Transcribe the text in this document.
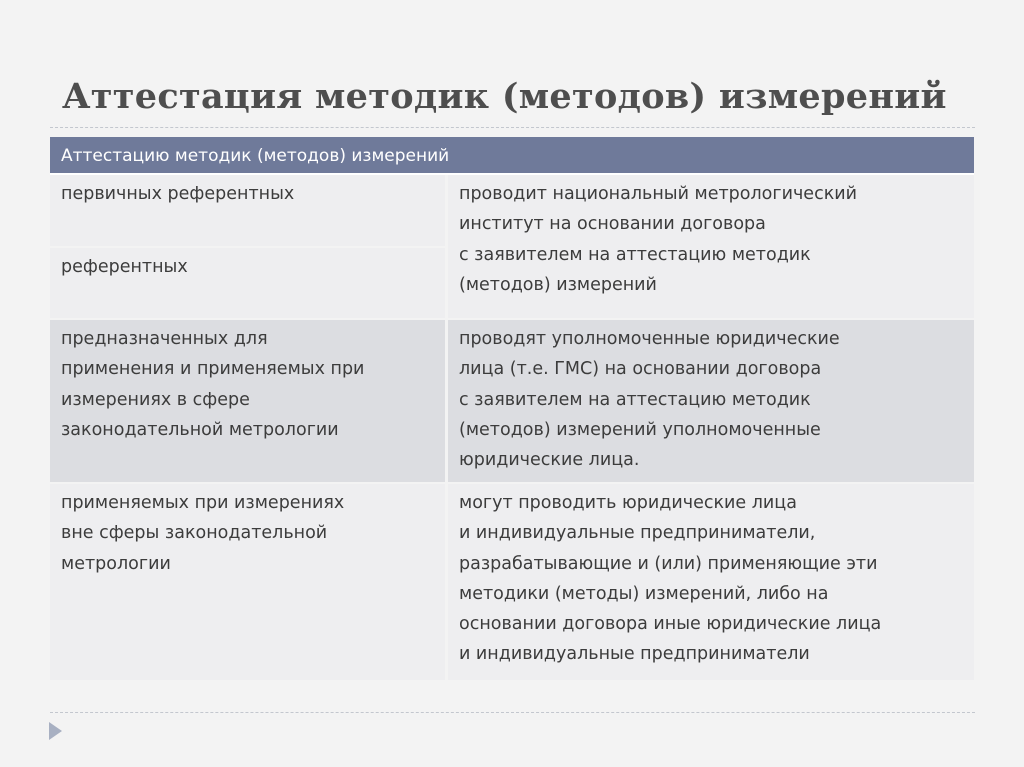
Аттестация методик (методов) измерений
Аттестацию методик (методов) измерений
первичных референтных
референтных
проводит национальный метрологический
институт на основании договора
с заявителем на аттестацию методик
(методов) измерений
предназначенных для
применения и применяемых при
измерениях в сфере
законодательной метрологии
проводят уполномоченные юридические
лица (т.е. ГМС) на основании договора
с заявителем на аттестацию методик
(методов) измерений уполномоченные
юридические лица.
применяемых при измерениях
вне сферы законодательной
метрологии
могут проводить юридические лица
и индивидуальные предприниматели,
разрабатывающие и (или) применяющие эти
методики (методы) измерений, либо на
основании договора иные юридические лица
и индивидуальные предприниматели
